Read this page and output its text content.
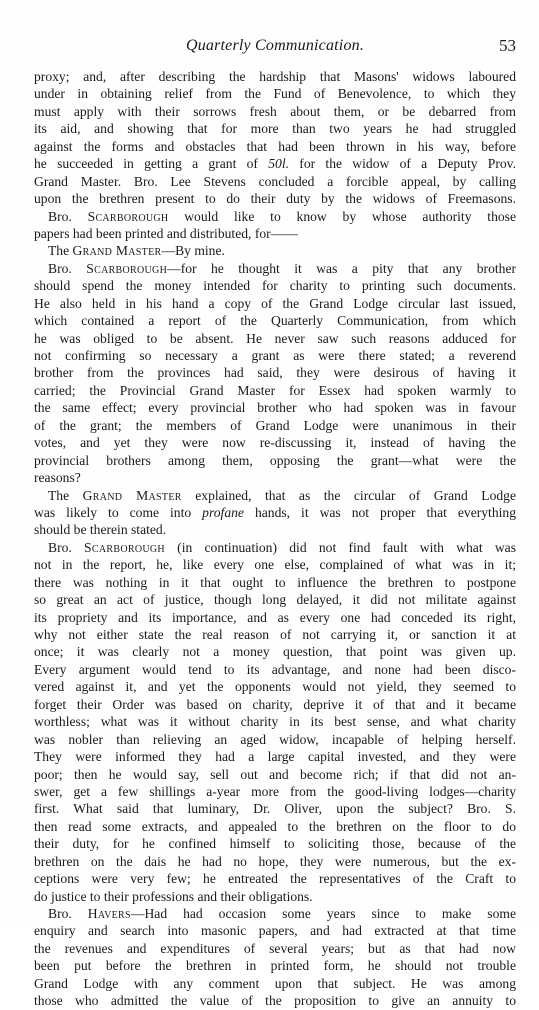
Quarterly Communication.	53
proxy; and, after describing the hardship that Masons' widows laboured
under in obtaining relief from the Fund of Benevolence, to which they
must apply with their sorrows fresh about them, or be debarred from
its aid, and showing that for more than two years he had struggled
against the forms and obstacles that had been thrown in his way, before
he succeeded in getting a grant of 50l. for the widow of a Deputy Prov.
Grand Master. Bro. Lee Stevens concluded a forcible appeal, by calling
upon the brethren present to do their duty by the widows of Freemasons.
Bro. Scarborough would like to know by whose authority those
papers had been printed and distributed, for——
The Grand Master—By mine.
Bro. Scarborough—for he thought it was a pity that any brother
should spend the money intended for charity to printing such documents.
He also held in his hand a copy of the Grand Lodge circular last issued,
which contained a report of the Quarterly Communication, from which
he was obliged to be absent. He never saw such reasons adduced for
not confirming so necessary a grant as were there stated; a reverend
brother from the provinces had said, they were desirous of having it
carried; the Provincial Grand Master for Essex had spoken warmly to
the same effect; every provincial brother who had spoken was in favour
of the grant; the members of Grand Lodge were unanimous in their
votes, and yet they were now re-discussing it, instead of having the
provincial brothers among them, opposing the grant—what were the
reasons?
The Grand Master explained, that as the circular of Grand Lodge
was likely to come into profane hands, it was not proper that everything
should be therein stated.
Bro. Scarborough (in continuation) did not find fault with what was
not in the report, he, like every one else, complained of what was in it;
there was nothing in it that ought to influence the brethren to postpone
so great an act of justice, though long delayed, it did not militate against
its propriety and its importance, and as every one had conceded its right,
why not either state the real reason of not carrying it, or sanction it at
once; it was clearly not a money question, that point was given up.
Every argument would tend to its advantage, and none had been disco-
vered against it, and yet the opponents would not yield, they seemed to
forget their Order was based on charity, deprive it of that and it became
worthless; what was it without charity in its best sense, and what charity
was nobler than relieving an aged widow, incapable of helping herself.
They were informed they had a large capital invested, and they were
poor; then he would say, sell out and become rich; if that did not an-
swer, get a few shillings a-year more from the good-living lodges—charity
first. What said that luminary, Dr. Oliver, upon the subject? Bro. S.
then read some extracts, and appealed to the brethren on the floor to do
their duty, for he confined himself to soliciting those, because of the
brethren on the dais he had no hope, they were numerous, but the ex-
ceptions were very few; he entreated the representatives of the Craft to
do justice to their professions and their obligations.
Bro. Havers—Had had occasion some years since to make some
enquiry and search into masonic papers, and had extracted at that time
the revenues and expenditures of several years; but as that had now
been put before the brethren in printed form, he should not trouble
Grand Lodge with any comment upon that subject. He was among
those who admitted the value of the proposition to give an annuity to
